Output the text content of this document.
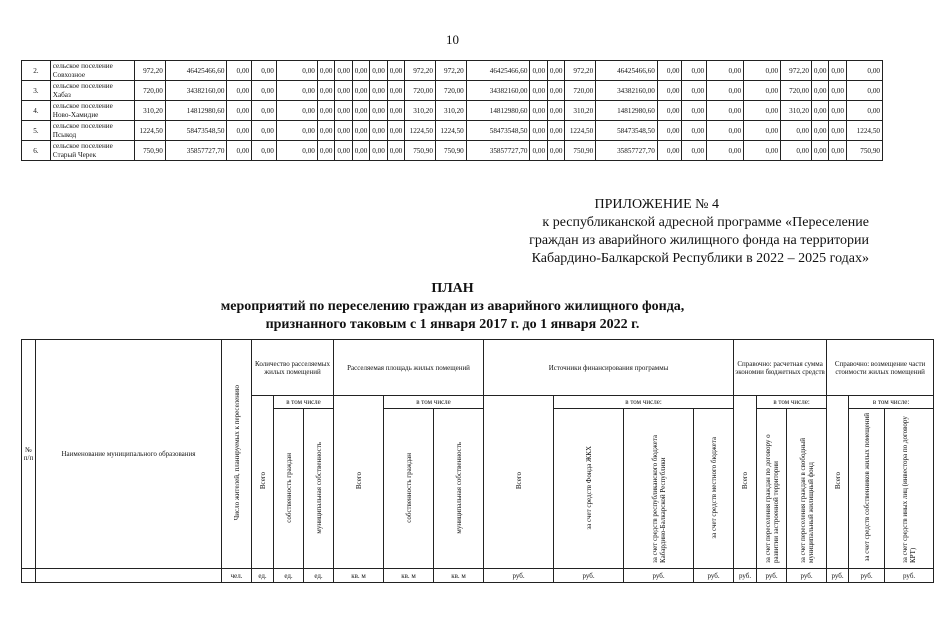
10
2.	сельское поселение Совхозное	972,20	46425466,60	0,00	0,00	0,00	0,00	0,00	0,00	0,00	0,00	972,20	972,20	46425466,60	0,00	0,00	972,20	46425466,60	0,00	0,00	0,00	0,00	972,20	0,00	0,00	0,00
3.	сельское поселение Хабаз	720,00	34382160,00	0,00	0,00	0,00	0,00	0,00	0,00	0,00	0,00	720,00	720,00	34382160,00	0,00	0,00	720,00	34382160,00	0,00	0,00	0,00	0,00	720,00	0,00	0,00	0,00
4.	сельское поселение Ново-Хамидие	310,20	14812980,60	0,00	0,00	0,00	0,00	0,00	0,00	0,00	0,00	310,20	310,20	14812980,60	0,00	0,00	310,20	14812980,60	0,00	0,00	0,00	0,00	310,20	0,00	0,00	0,00
5.	сельское поселение Псыкод	1224,50	58473548,50	0,00	0,00	0,00	0,00	0,00	0,00	0,00	0,00	1224,50	1224,50	58473548,50	0,00	0,00	1224,50	58473548,50	0,00	0,00	0,00	0,00	0,00	0,00	0,00	1224,50
6.	сельское поселение Старый Черек	750,90	35857727,70	0,00	0,00	0,00	0,00	0,00	0,00	0,00	0,00	750,90	750,90	35857727,70	0,00	0,00	750,90	35857727,70	0,00	0,00	0,00	0,00	0,00	0,00	0,00	750,90
ПРИЛОЖЕНИЕ № 4
к республиканской адресной программе «Переселение
граждан из аварийного жилищного фонда на территории
Кабардино-Балкарской Республики в 2022 – 2025 годах»
ПЛАН
мероприятий по переселению граждан из аварийного жилищного фонда,
признанного таковым с 1 января 2017 г. до 1 января 2022 г.
№ п/п	Наименование муниципального образования	Число жителей, планируемых к переселению	Количество расселяемых жилых помещений			Расселяемая площадь жилых помещений			Источники финансирования программы				Справочно: расчетная сумма экономии бюджетных средств			Справочно: возмещение части стоимости жилых помещений		
			Всего	в том числе		Всего	в том числе		Всего	в том числе:			Всего	в том числе:		Всего	в том числе:	
				собственность граждан	муниципальная собственность		собственность граждан	муниципальная собственность		за счет средств Фонда ЖКХ	за счет средств республиканского бюджета Кабардино-Балкарской Республики	за счет средств местного бюджета		за счет переселения граждан по договору о развитии застроенной территории	за счет переселения граждан в свободный муниципальный жилищный фонд		за счет средств собственников жилых помещений	за счет средств иных лиц (инвестора по договору КРТ)
		чел.	ед.	ед.	ед.	кв. м	кв. м	кв. м	руб.	руб.	руб.	руб.	руб.	руб.	руб.	руб.	руб.	руб.
